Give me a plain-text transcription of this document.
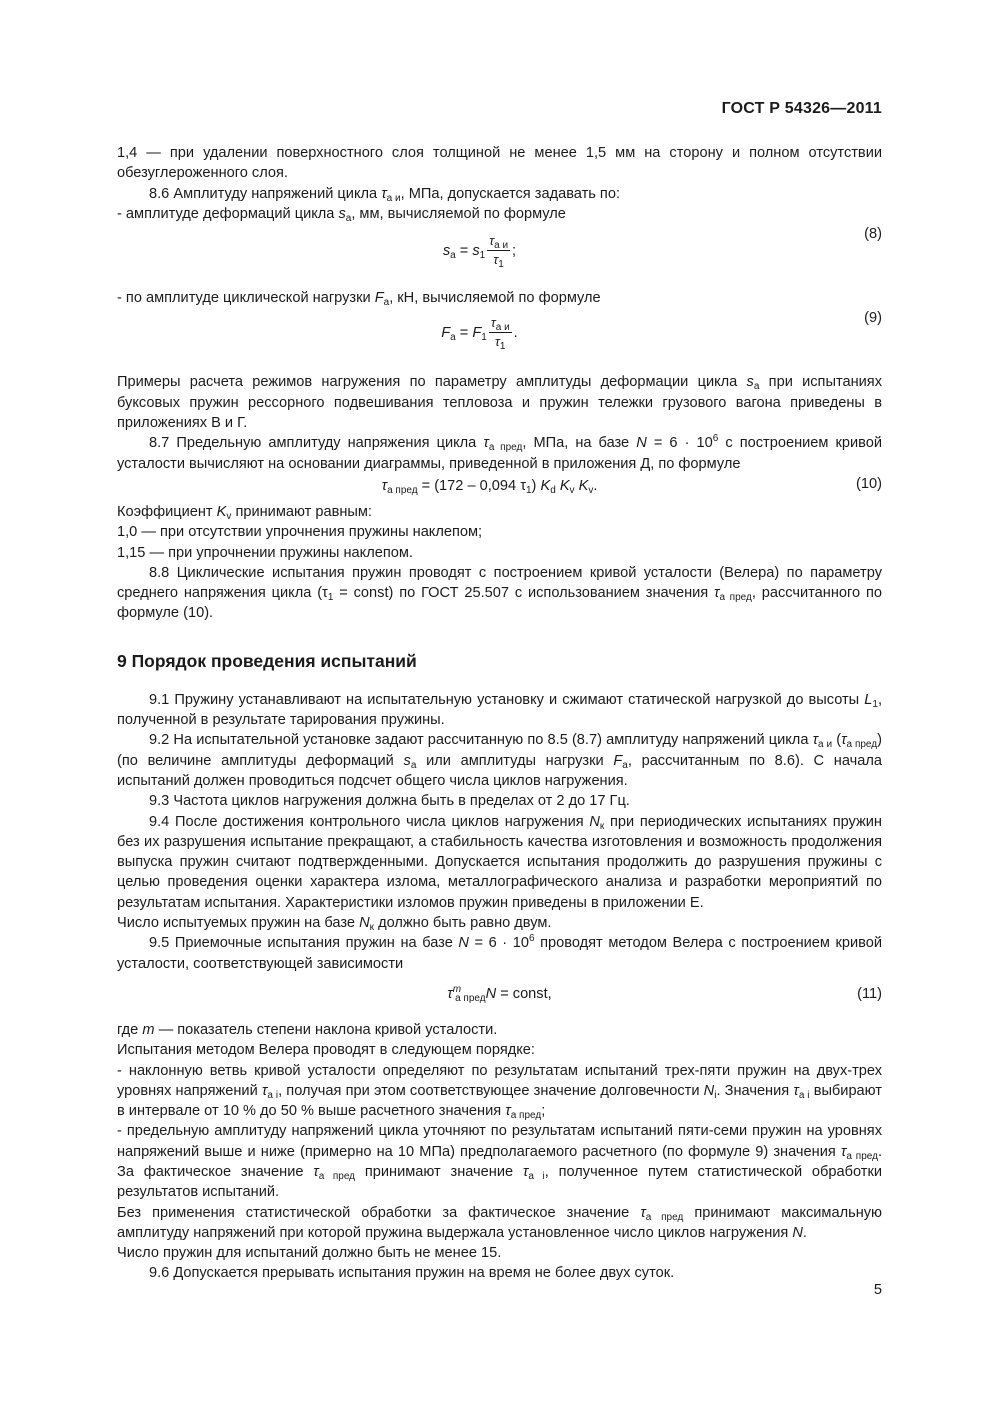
ГОСТ Р 54326—2011

1,4 — при удалении поверхностного слоя толщиной не менее 1,5 мм на сторону и полном отсутствии обезуглероженного слоя.

8.6 Амплитуду напряжений цикла $\tau_{а и}$, МПа, допускается задавать по:

- амплитуде деформаций цикла $s_а$, мм, вычисляемой по формуле

$s_a = s_1 \frac{\tau_{а и}}{\tau_1}$ ;
(8)

- по амплитуде циклической нагрузки $F_а$, кН, вычисляемой по формуле

$F_a = F_1 \frac{\tau_{а и}}{\tau_1}$ .
(9)

Примеры расчета режимов нагружения по параметру амплитуды деформации цикла $s_а$ при испытаниях буксовых пружин рессорного подвешивания тепловоза и пружин тележки грузового вагона приведены в приложениях В и Г.

8.7 Предельную амплитуду напряжения цикла $\tau_{а пред}$, МПа, на базе $N = 6 \cdot 10^6$ с построением кривой усталости вычисляют на основании диаграммы, приведенной в приложения Д, по формуле

$\tau_{а пред} = (172 - 0,094$ $\tau_1$) $K_d$ $K_v$ $K_v$.	(10)

Коэффициент $K_v$ принимают равным:

1,0 — при отсутствии упрочнения пружины наклепом;

1,15 — при упрочнении пружины наклепом.

8.8 Циклические испытания пружин проводят с построением кривой усталости (Велера) по параметру среднего напряжения цикла ($\tau_1$ = const) по ГОСТ 25.507 с использованием значения $\tau_{а пред}$, рассчитанного по формуле (10).

9 Порядок проведения испытаний

9.1 Пружину устанавливают на испытательную установку и сжимают статической нагрузкой до высоты $L_1$, полученной в результате тарирования пружины.

9.2 На испытательной установке задают рассчитанную по 8.5 (8.7) амплитуду напряжений цикла $\tau_{а и}$ $(\tau_{а пред})$ (по величине амплитуды деформаций $s_а$ или амплитуды нагрузки $F_а$, рассчитанным по 8.6). С начала испытаний должен проводиться подсчет общего числа циклов нагружения.

9.3 Частота циклов нагружения должна быть в пределах от 2 до 17 Гц.

9.4 После достижения контрольного числа циклов нагружения $N_к$ при периодических испытаниях пружин без их разрушения испытание прекращают, а стабильность качества изготовления и возможность продолжения выпуска пружин считают подтвержденными. Допускается испытания продолжить до разрушения пружины с целью проведения оценки характера излома, металлографического анализа и разработки мероприятий по результатам испытания. Характеристики изломов пружин приведены в приложении Е.

Число испытуемых пружин на базе $N_к$ должно быть равно двум.

9.5 Приемочные испытания пружин на базе $N = 6 \cdot 10^6$ проводят методом Велера с построением кривой усталости, соответствующей зависимости

$\tau^m_{а пред}N$ = const,	(11)

где m — показатель степени наклона кривой усталости.

Испытания методом Велера проводят в следующем порядке:

- наклонную ветвь кривой усталости определяют по результатам испытаний трех-пяти пружин на двух-трех уровнях напряжений $\tau_{а i}$, получая при этом соответствующее значение долговечности $N_i$. Значения $\tau_{а i}$ выбирают в интервале от 10 % до 50 % выше расчетного значения $\tau_{а пред}$;

- предельную амплитуду напряжений цикла уточняют по результатам испытаний пяти-семи пружин на уровнях напряжений выше и ниже (примерно на 10 МПа) предполагаемого расчетного (по формуле 9) значения $\tau_{а пред}$. За фактическое значение $\tau_{а пред}$ принимают значение $\tau_{а i}$, полученное путем статистической обработки результатов испытаний.

Без применения статистической обработки за фактическое значение $\tau_{а пред}$ принимают максимальную амплитуду напряжений при которой пружина выдержала установленное число циклов нагружения N.

Число пружин для испытаний должно быть не менее 15.

9.6 Допускается прерывать испытания пружин на время не более двух суток.

5
